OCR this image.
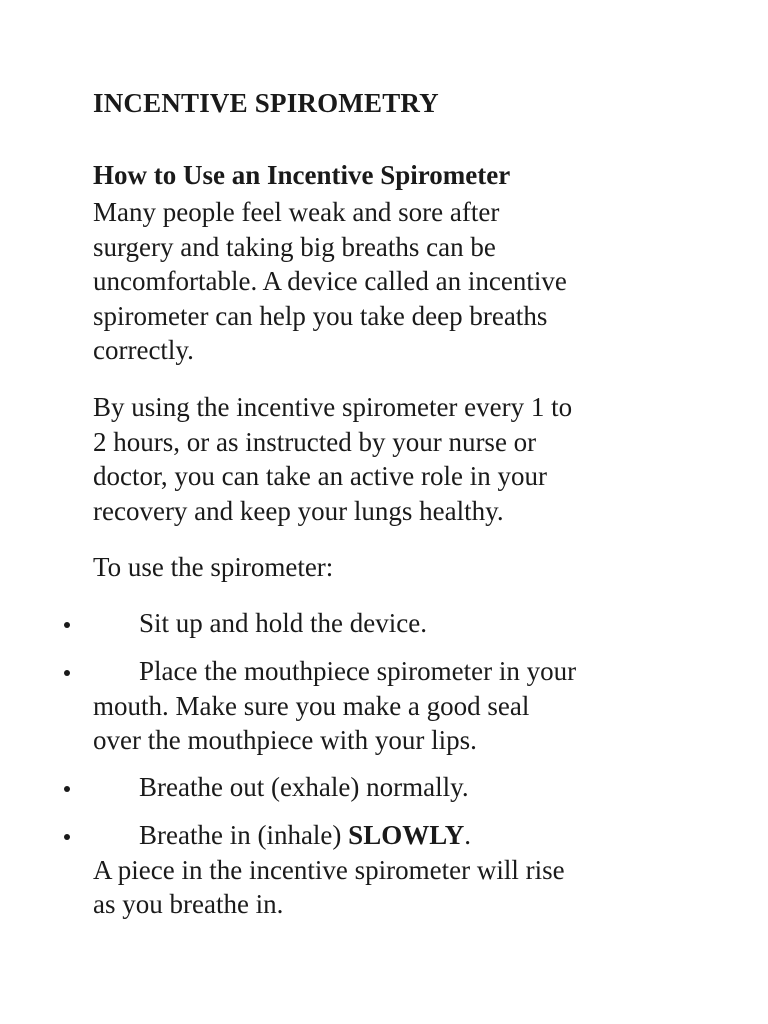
INCENTIVE SPIROMETRY
How to Use an Incentive Spirometer
Many people feel weak and sore after
surgery and taking big breaths can be
uncomfortable. A device called an incentive
spirometer can help you take deep breaths
correctly.
By using the incentive spirometer every 1 to
2 hours, or as instructed by your nurse or
doctor, you can take an active role in your
recovery and keep your lungs healthy.
To use the spirometer:
Sit up and hold the device.
Place the mouthpiece spirometer in your
mouth. Make sure you make a good seal
over the mouthpiece with your lips.
Breathe out (exhale) normally.
Breathe in (inhale) SLOWLY.
A piece in the incentive spirometer will rise
as you breathe in.
